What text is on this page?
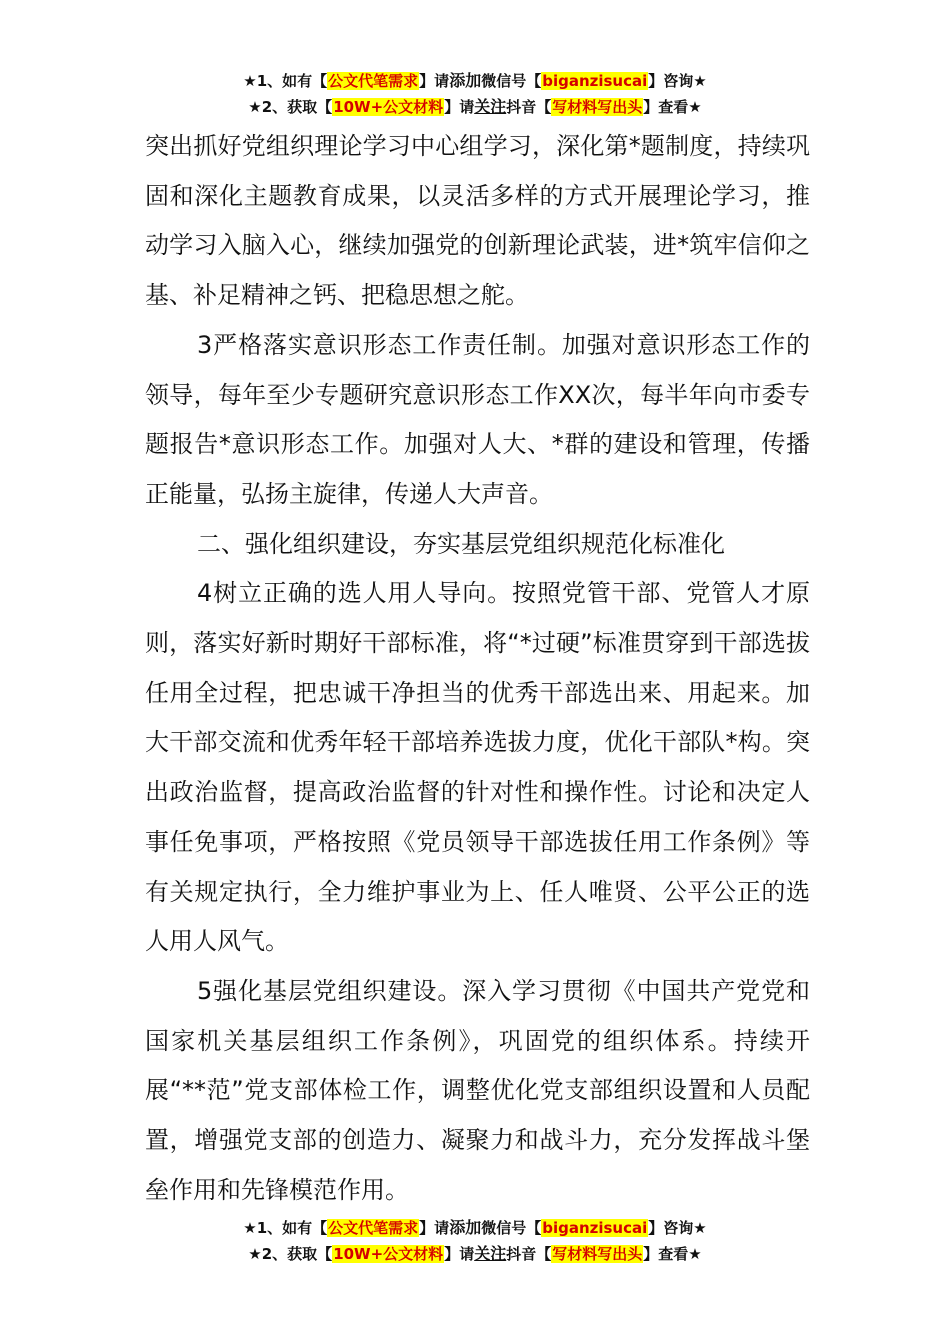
★1、如有【公文代笔需求】请添加微信号【biganzisucai】咨询★
★2、获取【10W+公文材料】请关注抖音【写材料写出头】查看★

突出抓好党组织理论学习中心组学习，深化第*题制度，持续巩固和深化主题教育成果，以灵活多样的方式开展理论学习，推动学习入脑入心，继续加强党的创新理论武装，进*筑牢信仰之基、补足精神之钙、把稳思想之舵。

3严格落实意识形态工作责任制。加强对意识形态工作的领导，每年至少专题研究意识形态工作XX次，每半年向市委专题报告*意识形态工作。加强对人大、*群的建设和管理，传播正能量，弘扬主旋律，传递人大声音。

二、强化组织建设，夯实基层党组织规范化标准化

4树立正确的选人用人导向。按照党管干部、党管人才原则，落实好新时期好干部标准，将“*过硬”标准贯穿到干部选拔任用全过程，把忠诚干净担当的优秀干部选出来、用起来。加大干部交流和优秀年轻干部培养选拔力度，优化干部队*构。突出政治监督，提高政治监督的针对性和操作性。讨论和决定人事任免事项，严格按照《党员领导干部选拔任用工作条例》等有关规定执行，全力维护事业为上、任人唯贤、公平公正的选人用人风气。

5强化基层党组织建设。深入学习贯彻《中国共产党党和国家机关基层组织工作条例》，巩固党的组织体系。持续开展“**范”党支部体检工作，调整优化党支部组织设置和人员配置，增强党支部的创造力、凝聚力和战斗力，充分发挥战斗堡垒作用和先锋模范作用。

★1、如有【公文代笔需求】请添加微信号【biganzisucai】咨询★
★2、获取【10W+公文材料】请关注抖音【写材料写出头】查看★
